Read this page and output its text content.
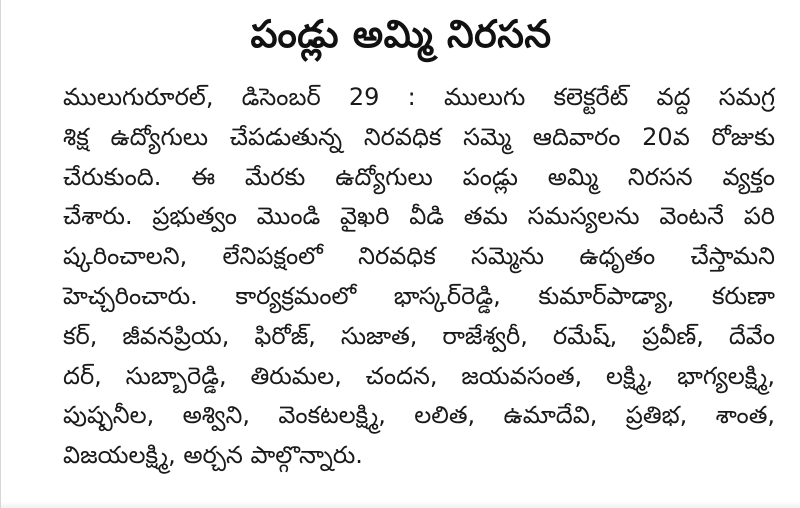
పండ్లు అమ్మి నిరసన
ములుగురూరల్, డిసెంబర్ 29 : ములుగు కలెక్టరేట్ వద్ద సమగ్ర
శిక్ష ఉద్యోగులు చేపడుతున్న నిరవధిక సమ్మె ఆదివారం 20వ రోజుకు
చేరుకుంది. ఈ మేరకు ఉద్యోగులు పండ్లు అమ్మి నిరసన వ్యక్తం
చేశారు. ప్రభుత్వం మొండి వైఖరి వీడి తమ సమస్యలను వెంటనే పరి
ష్కరించాలని, లేనిపక్షంలో నిరవధిక సమ్మెను ఉధృతం చేస్తామని
హెచ్చరించారు. కార్యక్రమంలో భాస్కర్‌రెడ్డి, కుమార్‌పాడ్యా, కరుణా
కర్, జీవనప్రియ, ఫిరోజ్, సుజాత, రాజేశ్వరీ, రమేష్, ప్రవీణ్, దేవేం
దర్, సుబ్బారెడ్డి, తిరుమల, చందన, జయవసంత, లక్ష్మి, భాగ్యలక్ష్మి,
పుష్పనీల, అశ్విని, వెంకటలక్ష్మి, లలిత, ఉమాదేవి, ప్రతిభ, శాంత,
విజయలక్ష్మి, అర్చన పాల్గొన్నారు.
